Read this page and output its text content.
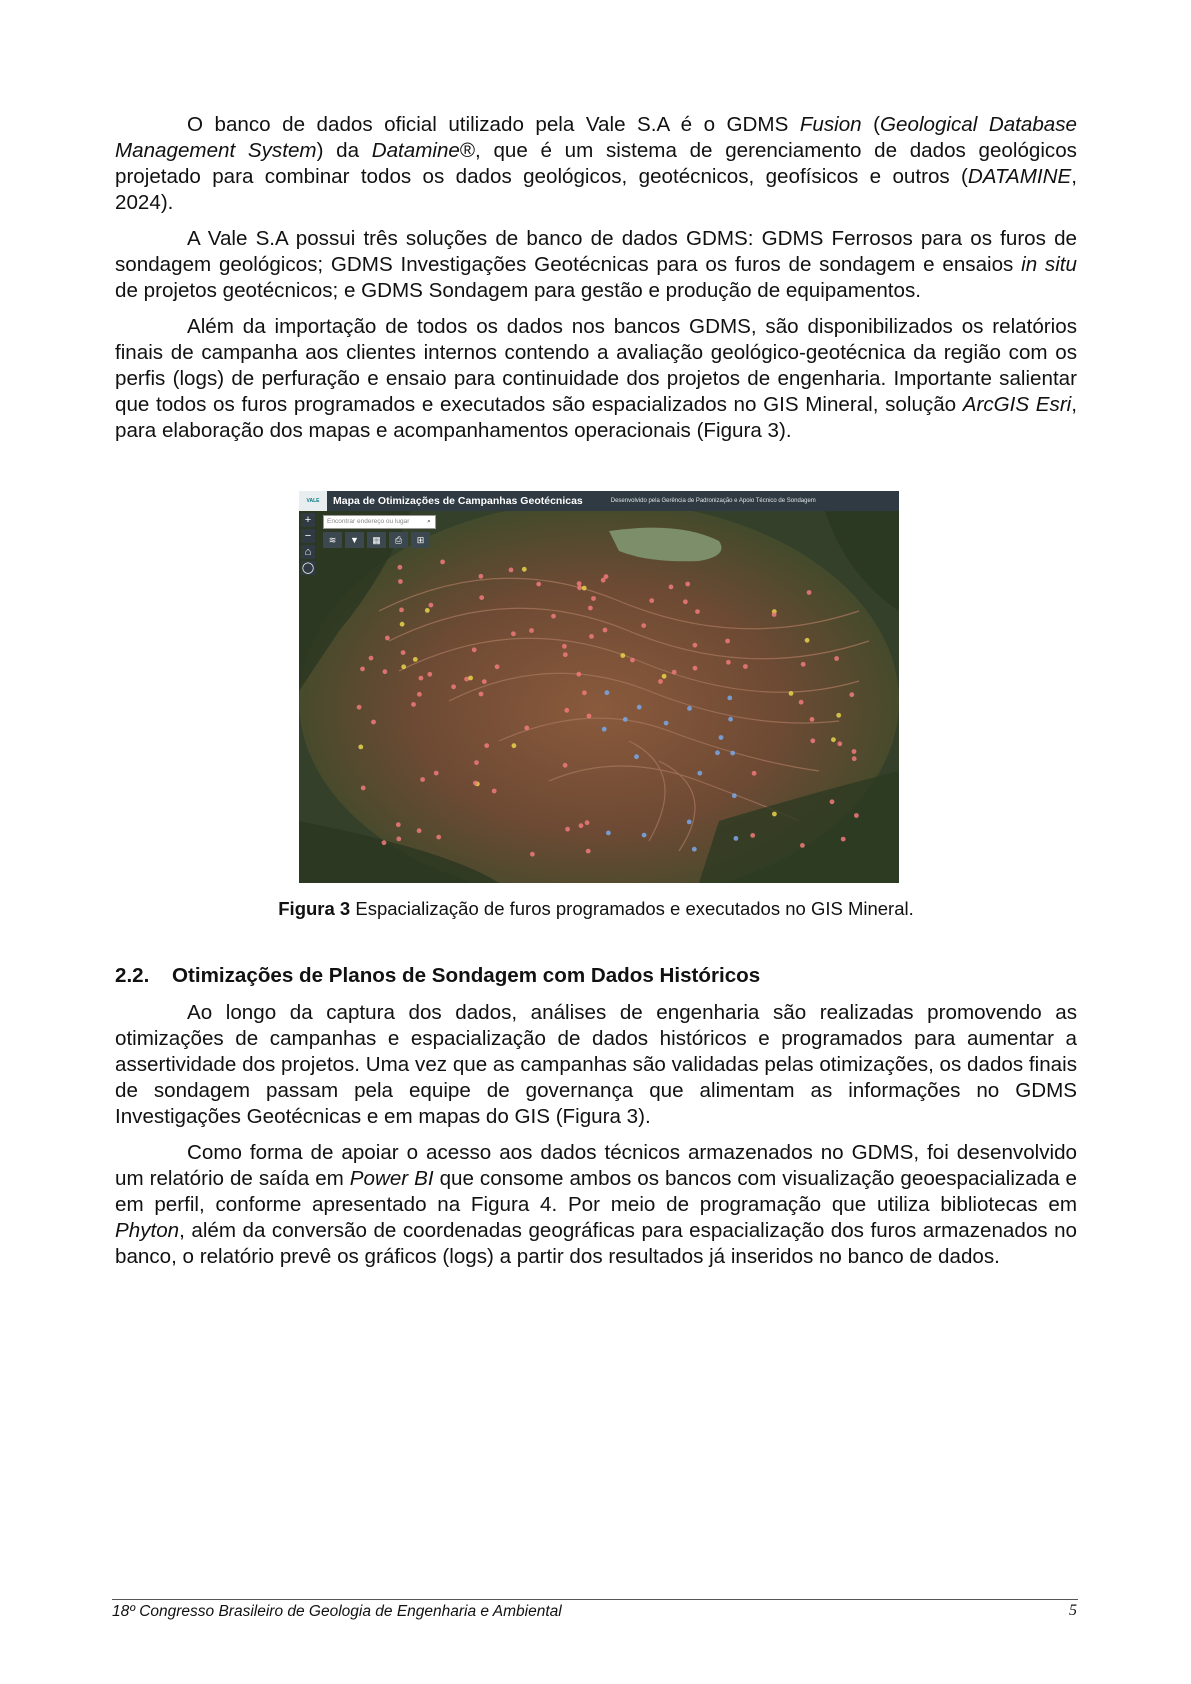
O banco de dados oficial utilizado pela Vale S.A é o GDMS Fusion (Geological Database Management System) da Datamine®, que é um sistema de gerenciamento de dados geológicos projetado para combinar todos os dados geológicos, geotécnicos, geofísicos e outros (DATAMINE, 2024).

A Vale S.A possui três soluções de banco de dados GDMS: GDMS Ferrosos para os furos de sondagem geológicos; GDMS Investigações Geotécnicas para os furos de sondagem e ensaios in situ de projetos geotécnicos; e GDMS Sondagem para gestão e produção de equipamentos.

Além da importação de todos os dados nos bancos GDMS, são disponibilizados os relatórios finais de campanha aos clientes internos contendo a avaliação geológico-geotécnica da região com os perfis (logs) de perfuração e ensaio para continuidade dos projetos de engenharia. Importante salientar que todos os furos programados e executados são espacializados no GIS Mineral, solução ArcGIS Esri, para elaboração dos mapas e acompanhamentos operacionais (Figura 3).

VALE Mapa de Otimizações de Campanhas Geotécnicas	Desenvolvido pela Gerência de Padronização e Apoio Técnico de Sondagem
+
−
⌂
◯
Encontrar endereço ou lugar	⌕
≋	▼	▦	⎙	⊞
Figura 3 Espacialização de furos programados e executados no GIS Mineral.
2.2. Otimizações de Planos de Sondagem com Dados Históricos

Ao longo da captura dos dados, análises de engenharia são realizadas promovendo as otimizações de campanhas e espacialização de dados históricos e programados para aumentar a assertividade dos projetos. Uma vez que as campanhas são validadas pelas otimizações, os dados finais de sondagem passam pela equipe de governança que alimentam as informações no GDMS Investigações Geotécnicas e em mapas do GIS (Figura 3).

Como forma de apoiar o acesso aos dados técnicos armazenados no GDMS, foi desenvolvido um relatório de saída em Power BI que consome ambos os bancos com visualização geoespacializada e em perfil, conforme apresentado na Figura 4. Por meio de programação que utiliza bibliotecas em Phyton, além da conversão de coordenadas geográficas para espacialização dos furos armazenados no banco, o relatório prevê os gráficos (logs) a partir dos resultados já inseridos no banco de dados.

18º Congresso Brasileiro de Geologia de Engenharia e Ambiental	5
